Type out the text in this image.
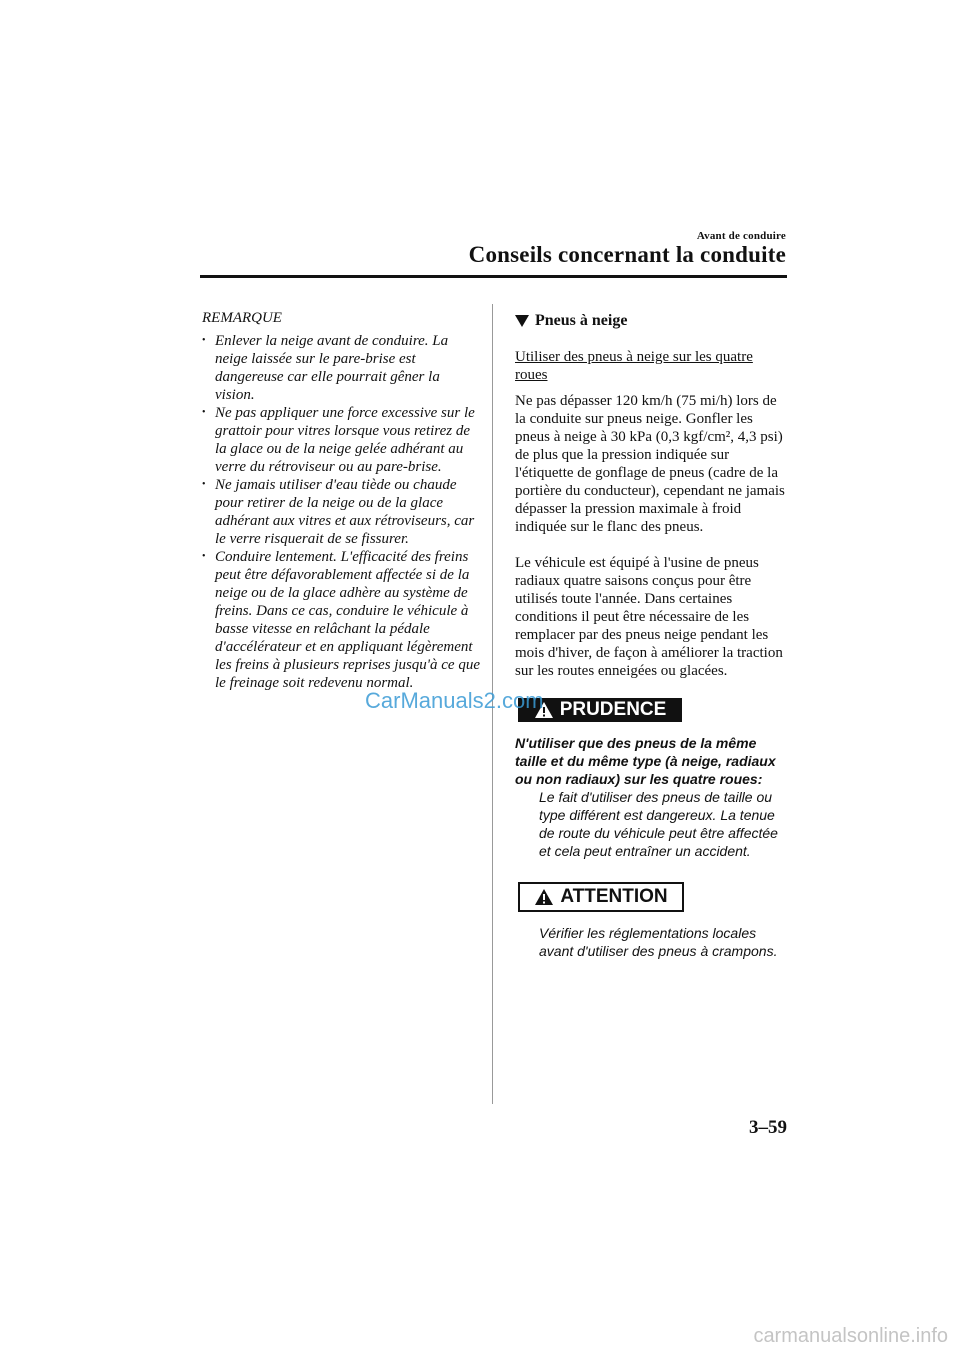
Avant de conduire
Conseils concernant la conduite
REMARQUE
• Enlever la neige avant de conduire. La neige laissée sur le pare-brise est dangereuse car elle pourrait gêner la vision.
• Ne pas appliquer une force excessive sur le grattoir pour vitres lorsque vous retirez de la glace ou de la neige gelée adhérant au verre du rétroviseur ou au pare-brise.
• Ne jamais utiliser d'eau tiède ou chaude pour retirer de la neige ou de la glace adhérant aux vitres et aux rétroviseurs, car le verre risquerait de se fissurer.
• Conduire lentement. L'efficacité des freins peut être défavorablement affectée si de la neige ou de la glace adhère au système de freins. Dans ce cas, conduire le véhicule à basse vitesse en relâchant la pédale d'accélérateur et en appliquant légèrement les freins à plusieurs reprises jusqu'à ce que le freinage soit redevenu normal.
Pneus à neige

Utiliser des pneus à neige sur les quatre roues

Ne pas dépasser 120 km/h (75 mi/h) lors de la conduite sur pneus neige. Gonfler les pneus à neige à 30 kPa (0,3 kgf/cm², 4,3 psi) de plus que la pression indiquée sur l'étiquette de gonflage de pneus (cadre de la portière du conducteur), cependant ne jamais dépasser la pression maximale à froid indiquée sur le flanc des pneus.

Le véhicule est équipé à l'usine de pneus radiaux quatre saisons conçus pour être utilisés toute l'année. Dans certaines conditions il peut être nécessaire de les remplacer par des pneus neige pendant les mois d'hiver, de façon à améliorer la traction sur les routes enneigées ou glacées.

PRUDENCE

N'utiliser que des pneus de la même taille et du même type (à neige, radiaux ou non radiaux) sur les quatre roues:

Le fait d'utiliser des pneus de taille ou type différent est dangereux. La tenue de route du véhicule peut être affectée et cela peut entraîner un accident.

ATTENTION

Vérifier les réglementations locales avant d'utiliser des pneus à crampons.

CarManuals2.com
3–59
carmanualsonline.info
